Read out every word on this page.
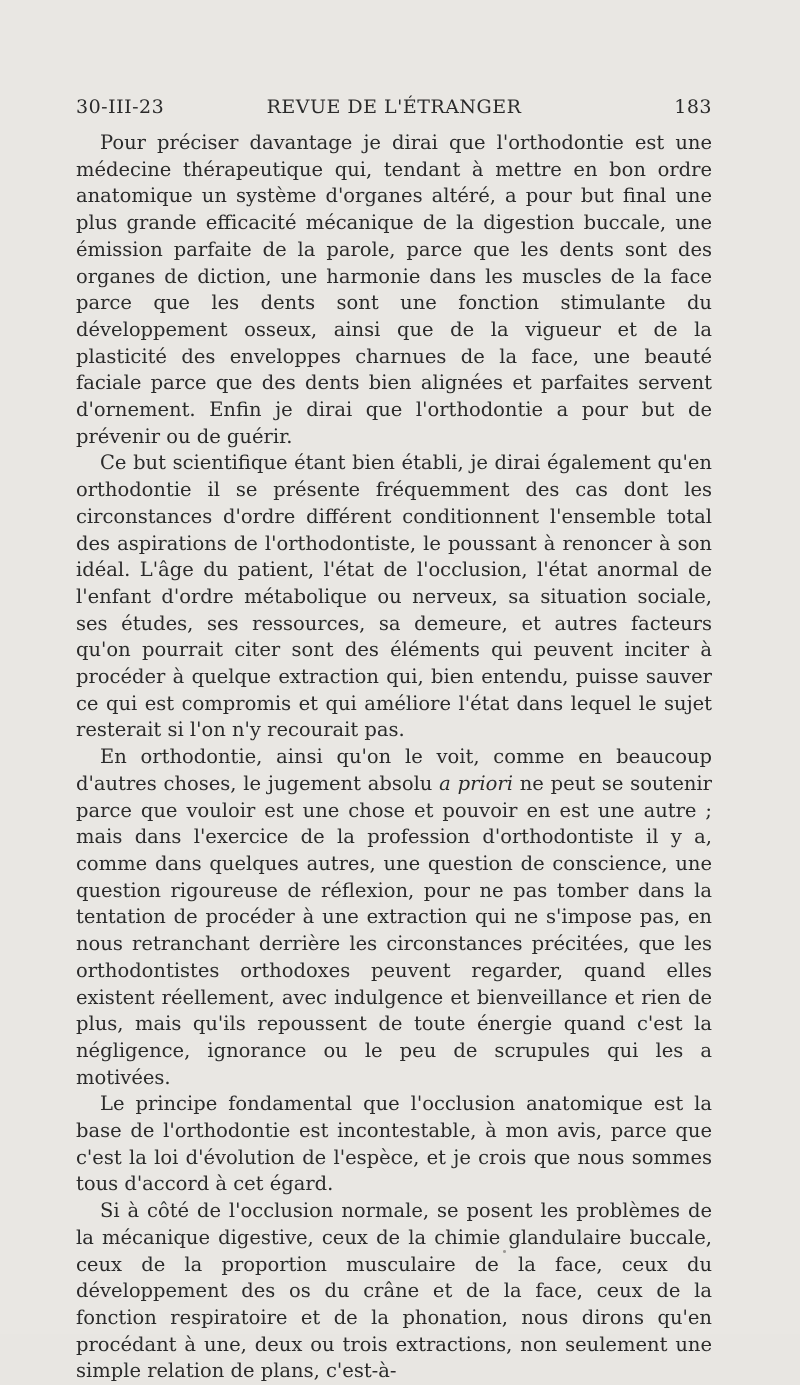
30-III-23	REVUE DE L'ÉTRANGER	183

Pour préciser davantage je dirai que l'orthodontie est une médecine thérapeutique qui, tendant à mettre en bon ordre anatomique un système d'organes altéré, a pour but final une plus grande efficacité mécanique de la digestion buccale, une émission parfaite de la parole, parce que les dents sont des organes de diction, une harmonie dans les muscles de la face parce que les dents sont une fonction stimulante du développement osseux, ainsi que de la vigueur et de la plasticité des enveloppes charnues de la face, une beauté faciale parce que des dents bien alignées et parfaites servent d'ornement. Enfin je dirai que l'orthodontie a pour but de prévenir ou de guérir.

Ce but scientifique étant bien établi, je dirai également qu'en orthodontie il se présente fréquemment des cas dont les circonstances d'ordre différent conditionnent l'ensemble total des aspirations de l'orthodontiste, le poussant à renoncer à son idéal. L'âge du patient, l'état de l'occlusion, l'état anormal de l'enfant d'ordre métabolique ou nerveux, sa situation sociale, ses études, ses ressources, sa demeure, et autres facteurs qu'on pourrait citer sont des éléments qui peuvent inciter à procéder à quelque extraction qui, bien entendu, puisse sauver ce qui est compromis et qui améliore l'état dans lequel le sujet resterait si l'on n'y recourait pas.

En orthodontie, ainsi qu'on le voit, comme en beaucoup d'autres choses, le jugement absolu a priori ne peut se soutenir parce que vouloir est une chose et pouvoir en est une autre ; mais dans l'exercice de la profession d'orthodontiste il y a, comme dans quelques autres, une question de conscience, une question rigoureuse de réflexion, pour ne pas tomber dans la tentation de procéder à une extraction qui ne s'impose pas, en nous retranchant derrière les circonstances précitées, que les orthodontistes orthodoxes peuvent regarder, quand elles existent réellement, avec indulgence et bienveillance et rien de plus, mais qu'ils repoussent de toute énergie quand c'est la négligence, ignorance ou le peu de scrupules qui les a motivées.

Le principe fondamental que l'occlusion anatomique est la base de l'orthodontie est incontestable, à mon avis, parce que c'est la loi d'évolution de l'espèce, et je crois que nous sommes tous d'accord à cet égard.

Si à côté de l'occlusion normale, se posent les problèmes de la mécanique digestive, ceux de la chimie glandulaire buccale, ceux de la proportion musculaire de la face, ceux du développement des os du crâne et de la face, ceux de la fonction respiratoire et de la phonation, nous dirons qu'en procédant à une, deux ou trois extractions, non seulement une simple relation de plans, c'est-à-
